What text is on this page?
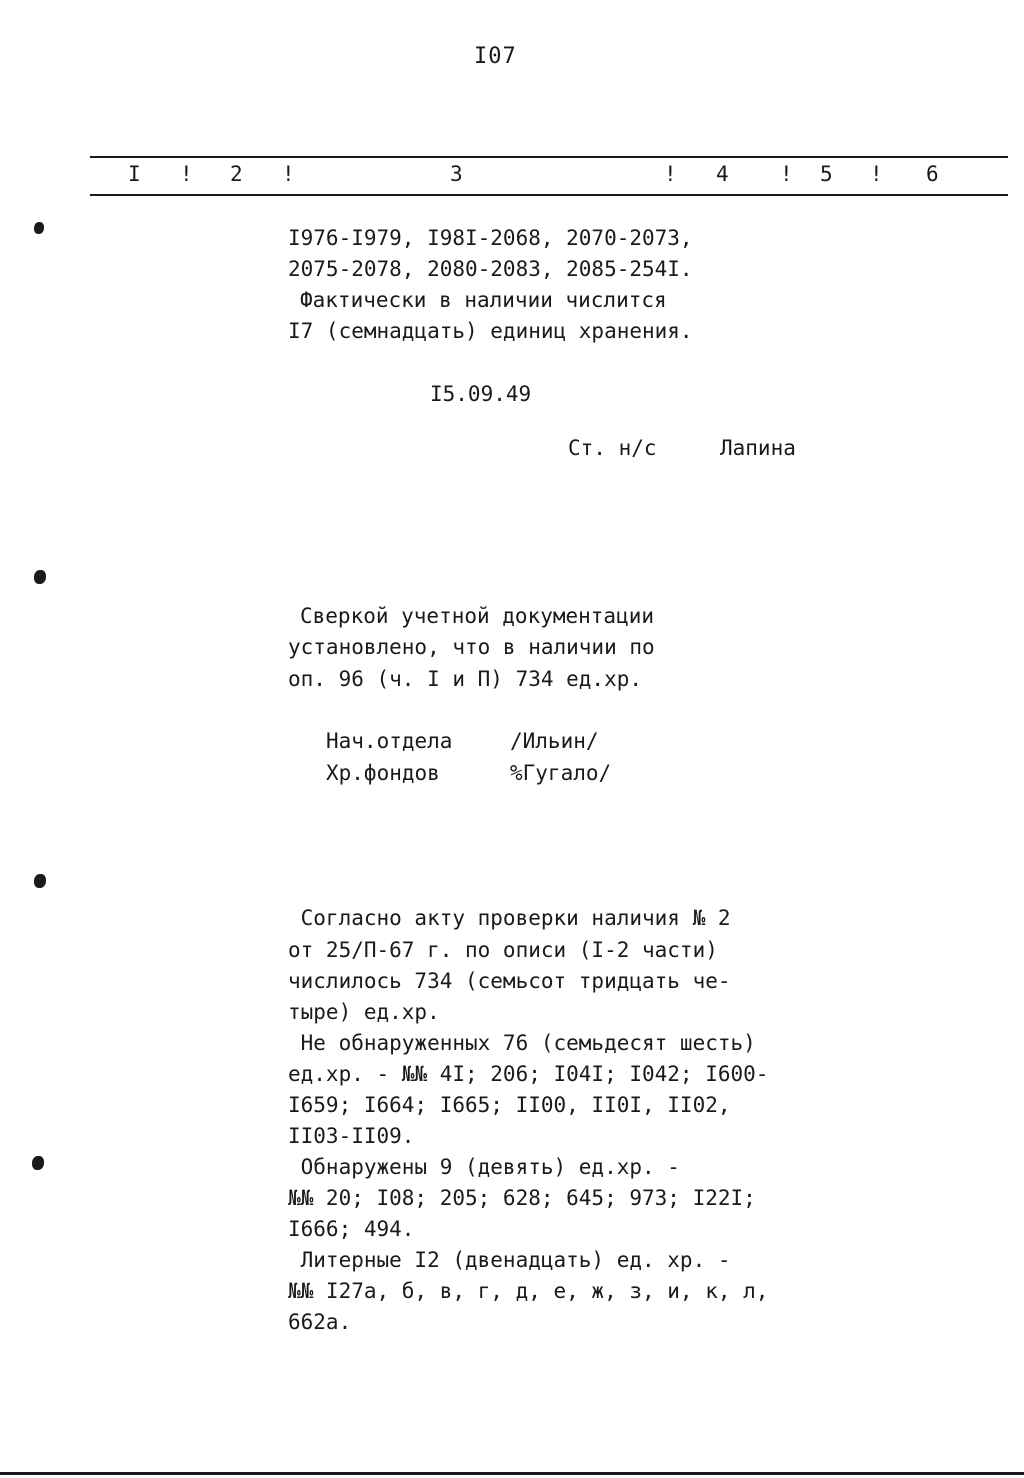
I07
I ! 2 !	3	! 4 ! 5 ! 6
I976-I979, I98I-2068, 2070-2073,
2075-2078, 2080-2083, 2085-254I.
Фактически в наличии числится
I7 (семнадцать) единиц хранения.
I5.09.49
Ст. н/с	Лапина
Сверкой учетной документации
установлено, что в наличии по
оп. 96 (ч. I и П) 734 ед.хр.
Нач.отдела	/Ильин/
Хр.фондов	%Гугало/
Согласно акту проверки наличия № 2
от 25/П-67 г. по описи (I-2 части)
числилось 734 (семьсот тридцать че-
тыре) ед.хр.
Не обнаруженных 76 (семьдесят шесть)
ед.хр. - №№ 4I; 206; I04I; I042; I600-
I659; I664; I665; II00, II0I, II02,
II03-II09.
Обнаружены 9 (девять) ед.хр. -
№№ 20; I08; 205; 628; 645; 973; I22I;
I666; 494.
Литерные I2 (двенадцать) ед. хр. -
№№ I27а, б, в, г, д, е, ж, з, и, к, л,
662а.
